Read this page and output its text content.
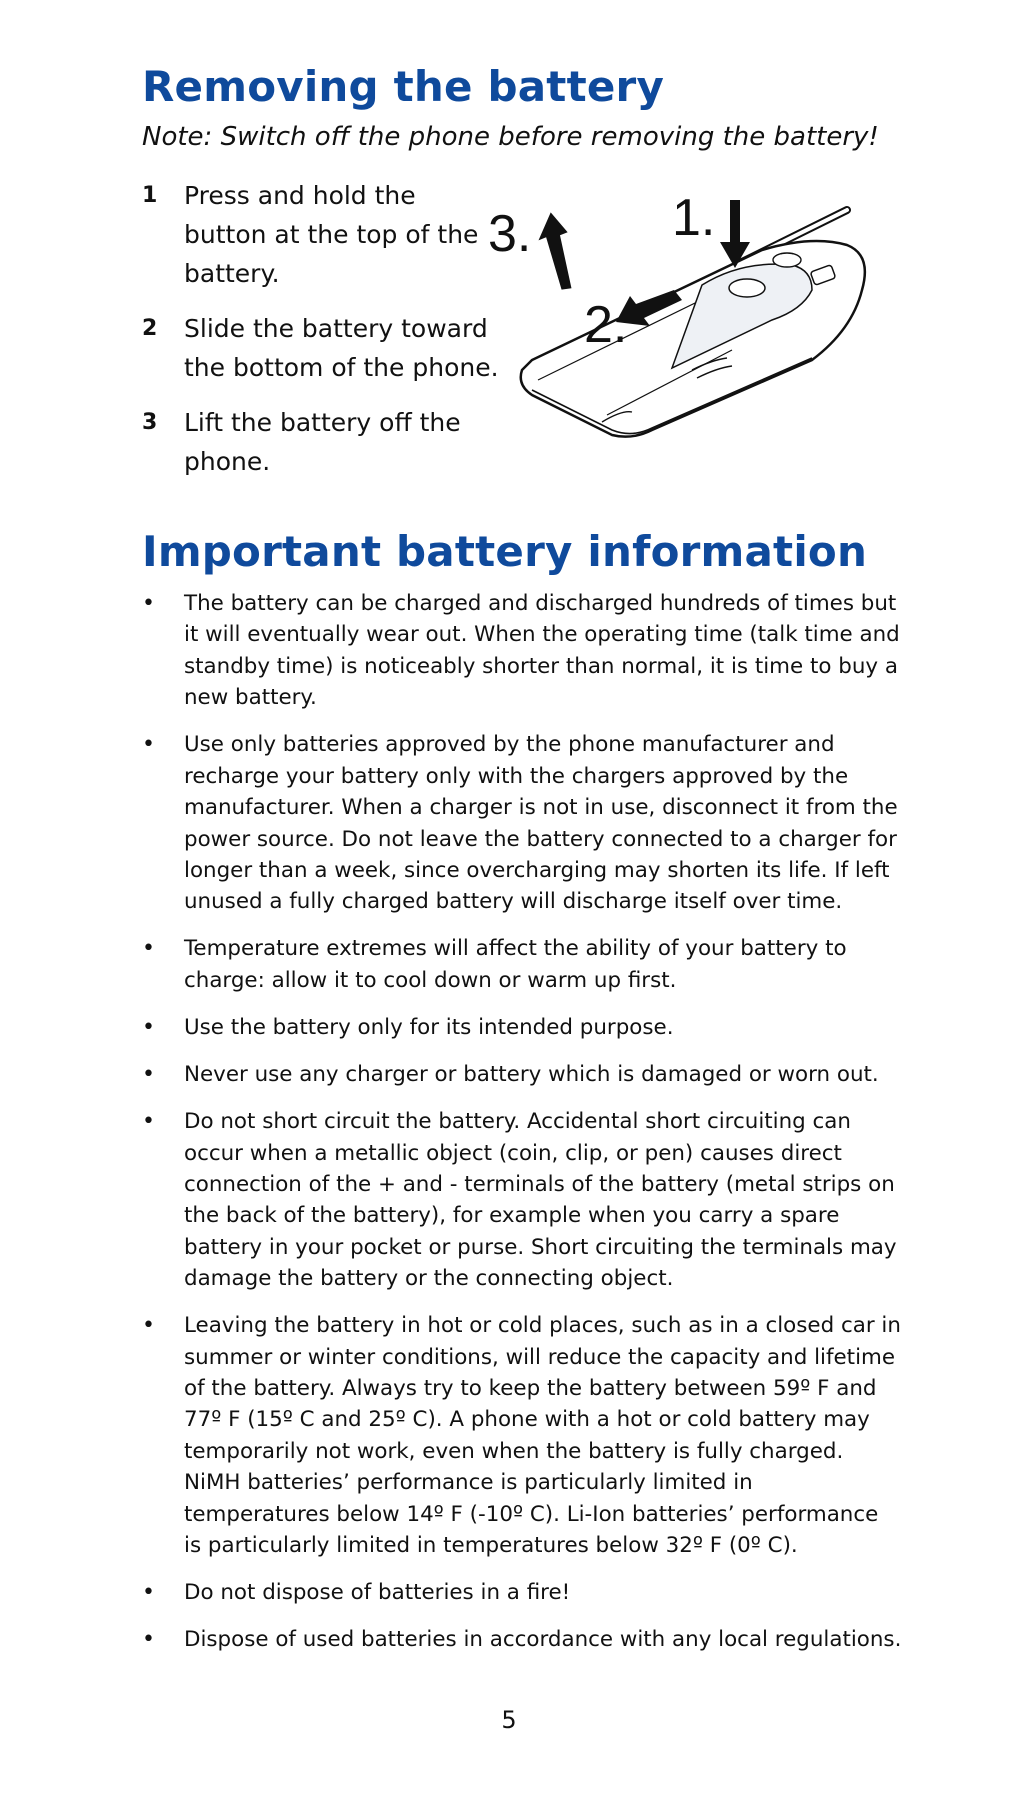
Removing the battery
Note: Switch off the phone before removing the battery!
1 Press and hold the button at the top of the battery.
2 Slide the battery toward the bottom of the phone.
3 Lift the battery off the phone.
1.
3.
2.
Important battery information
• The battery can be charged and discharged hundreds of times but it will eventually wear out. When the operating time (talk time and standby time) is noticeably shorter than normal, it is time to buy a new battery.
• Use only batteries approved by the phone manufacturer and recharge your battery only with the chargers approved by the manufacturer. When a charger is not in use, disconnect it from the power source. Do not leave the battery connected to a charger for longer than a week, since overcharging may shorten its life. If left unused a fully charged battery will discharge itself over time.
• Temperature extremes will affect the ability of your battery to charge: allow it to cool down or warm up first.
• Use the battery only for its intended purpose.
• Never use any charger or battery which is damaged or worn out.
• Do not short circuit the battery. Accidental short circuiting can occur when a metallic object (coin, clip, or pen) causes direct connection of the + and - terminals of the battery (metal strips on the back of the battery), for example when you carry a spare battery in your pocket or purse. Short circuiting the terminals may damage the battery or the connecting object.
• Leaving the battery in hot or cold places, such as in a closed car in summer or winter conditions, will reduce the capacity and lifetime of the battery. Always try to keep the battery between 59º F and 77º F (15º C and 25º C). A phone with a hot or cold battery may temporarily not work, even when the battery is fully charged. NiMH batteries’ performance is particularly limited in temperatures below 14º F (-10º C). Li-Ion batteries’ performance is particularly limited in temperatures below 32º F (0º C).
• Do not dispose of batteries in a fire!
• Dispose of used batteries in accordance with any local regulations.
5
